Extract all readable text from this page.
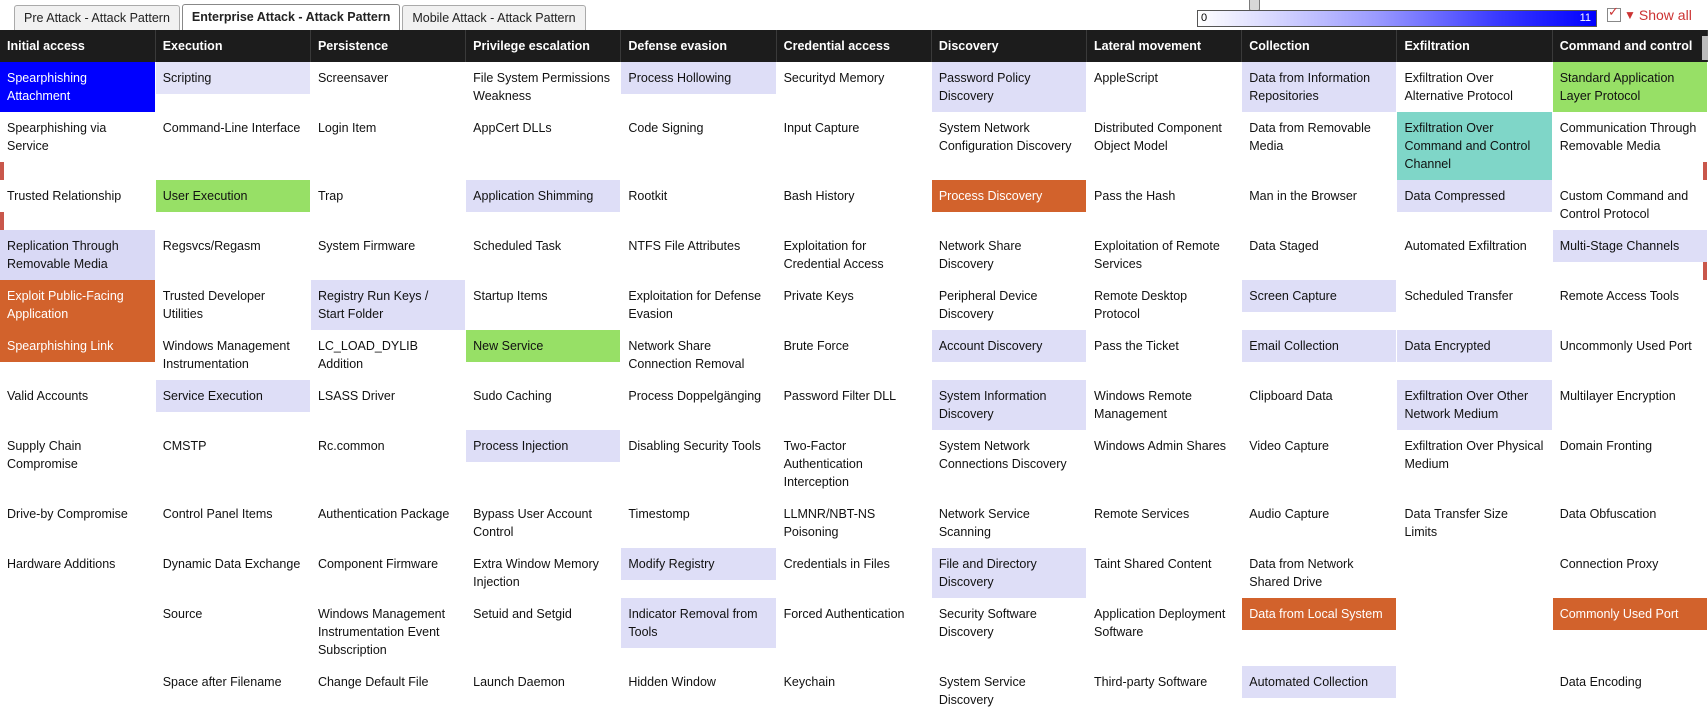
Pre Attack - Attack Pattern	Enterprise Attack - Attack Pattern	Mobile Attack - Attack Pattern	0	11 ✓	▼ Show all
Initial access	Execution	Persistence	Privilege escalation	Defense evasion	Credential access	Discovery	Lateral movement	Collection	Exfiltration	Command and control

Spearphishing Attachment	Scripting	Screensaver	File System Permissions Weakness	Process Hollowing	Securityd Memory	Password Policy Discovery	AppleScript	Data from Information Repositories	Exfiltration Over Alternative Protocol	Standard Application Layer Protocol

Spearphishing via Service	Command-Line Interface	Login Item	AppCert DLLs	Code Signing	Input Capture	System Network Configuration Discovery	Distributed Component Object Model	Data from Removable Media	Exfiltration Over Command and Control Channel	Communication Through Removable Media

Trusted Relationship	User Execution	Trap	Application Shimming	Rootkit	Bash History	Process Discovery	Pass the Hash	Man in the Browser	Data Compressed	Custom Command and Control Protocol

Replication Through Removable Media	Regsvcs/Regasm	System Firmware	Scheduled Task	NTFS File Attributes	Exploitation for Credential Access	Network Share Discovery	Exploitation of Remote Services	Data Staged	Automated Exfiltration	Multi-Stage Channels

Exploit Public-Facing Application	Trusted Developer Utilities	Registry Run Keys / Start Folder	Startup Items	Exploitation for Defense Evasion	Private Keys	Peripheral Device Discovery	Remote Desktop Protocol	Screen Capture	Scheduled Transfer	Remote Access Tools

Spearphishing Link	Windows Management Instrumentation	LC_LOAD_DYLIB Addition	New Service	Network Share Connection Removal	Brute Force	Account Discovery	Pass the Ticket	Email Collection	Data Encrypted	Uncommonly Used Port

Valid Accounts	Service Execution	LSASS Driver	Sudo Caching	Process Doppelgänging	Password Filter DLL	System Information Discovery	Windows Remote Management	Clipboard Data	Exfiltration Over Other Network Medium	Multilayer Encryption

Supply Chain Compromise	CMSTP	Rc.common	Process Injection	Disabling Security Tools	Two-Factor Authentication Interception	System Network Connections Discovery	Windows Admin Shares	Video Capture	Exfiltration Over Physical Medium	Domain Fronting

Drive-by Compromise	Control Panel Items	Authentication Package	Bypass User Account Control	Timestomp	LLMNR/NBT-NS Poisoning	Network Service Scanning	Remote Services	Audio Capture	Data Transfer Size Limits	Data Obfuscation

Hardware Additions	Dynamic Data Exchange	Component Firmware	Extra Window Memory Injection	Modify Registry	Credentials in Files	File and Directory Discovery	Taint Shared Content	Data from Network Shared Drive		Connection Proxy

	Source	Windows Management Instrumentation Event Subscription	Setuid and Setgid	Indicator Removal from Tools	Forced Authentication	Security Software Discovery	Application Deployment Software	Data from Local System		Commonly Used Port

	Space after Filename	Change Default File	Launch Daemon	Hidden Window	Keychain	System Service Discovery	Third-party Software	Automated Collection		Data Encoding
